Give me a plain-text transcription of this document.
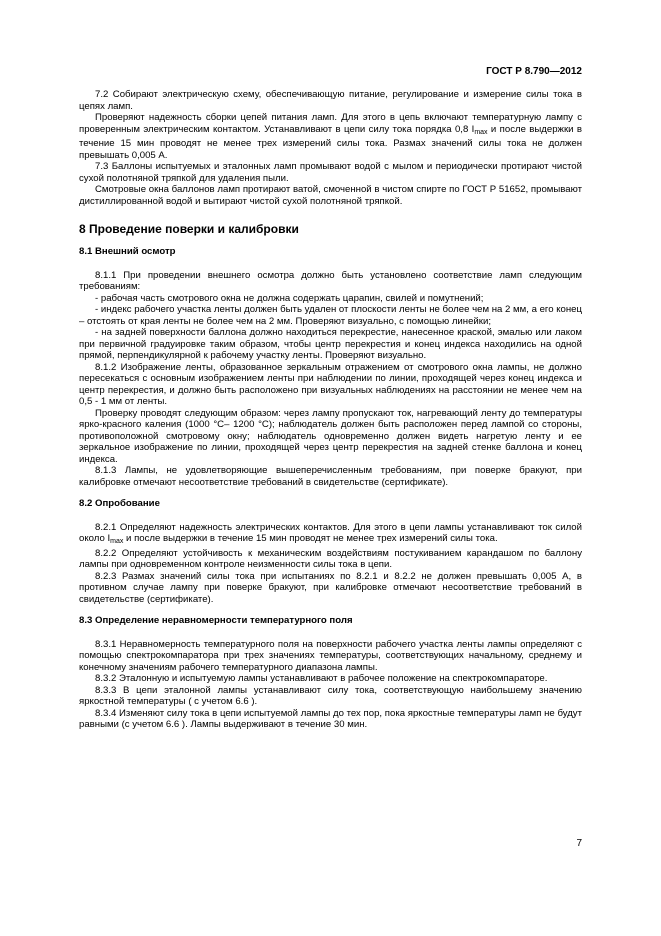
ГОСТ Р 8.790—2012

7.2 Собирают электрическую схему, обеспечивающую питание, регулирование и измерение силы тока в цепях ламп.

Проверяют надежность сборки цепей питания ламп. Для этого в цепь включают температурную лампу с проверенным электрическим контактом. Устанавливают в цепи силу тока порядка 0,8 $I_{max}$ и после выдержки в течение 15 мин проводят не менее трех измерений силы тока. Размах значений силы тока не должен превышать 0,005 А.

7.3 Баллоны испытуемых и эталонных ламп промывают водой с мылом и периодически протирают чистой сухой полотняной тряпкой для удаления пыли.

Смотровые окна баллонов ламп протирают ватой, смоченной в чистом спирте по ГОСТ Р 51652, промывают дистиллированной водой и вытирают чистой сухой полотняной тряпкой.

8 Проведение поверки и калибровки
8.1 Внешний осмотр

8.1.1 При проведении внешнего осмотра должно быть установлено соответствие ламп следующим требованиям:

- рабочая часть смотрового окна не должна содержать царапин, свилей и помутнений;

- индекс рабочего участка ленты должен быть удален от плоскости ленты не более чем на 2 мм, а его конец – отстоять от края ленты не более чем на 2 мм. Проверяют визуально, с помощью линейки;

- на задней поверхности баллона должно находиться перекрестие, нанесенное краской, эмалью или лаком при первичной градуировке таким образом, чтобы центр перекрестия и конец индекса находились на одной прямой, перпендикулярной к рабочему участку ленты. Проверяют визуально.

8.1.2 Изображение ленты, образованное зеркальным отражением от смотрового окна лампы, не должно пересекаться с основным изображением ленты при наблюдении по линии, проходящей через конец индекса и центр перекрестия, и должно быть расположено при визуальных наблюдениях на расстоянии не менее чем на 0,5 - 1 мм от ленты.

Проверку проводят следующим образом: через лампу пропускают ток, нагревающий ленту до температуры ярко-красного каления (1000 °С– 1200 °С); наблюдатель должен быть расположен перед лампой со стороны, противоположной смотровому окну; наблюдатель одновременно должен видеть нагретую ленту и ее зеркальное изображение по линии, проходящей через центр перекрестия на задней стенке баллона и конец индекса.

8.1.3 Лампы, не удовлетворяющие вышеперечисленным требованиям, при поверке бракуют, при калибровке отмечают несоответствие требований в свидетельстве (сертификате).

8.2 Опробование

8.2.1 Определяют надежность электрических контактов. Для этого в цепи лампы устанавливают ток силой около $I_{max}$ и после выдержки в течение 15 мин проводят не менее трех измерений силы тока.

8.2.2 Определяют устойчивость к механическим воздействиям постукиванием карандашом по баллону лампы при одновременном контроле неизменности силы тока в цепи.

8.2.3 Размах значений силы тока при испытаниях по 8.2.1 и 8.2.2 не должен превышать 0,005 А, в противном случае лампу при поверке бракуют, при калибровке отмечают несоответствие требований в свидетельстве (сертификате).

8.3 Определение неравномерности температурного поля

8.3.1 Неравномерность температурного поля на поверхности рабочего участка ленты лампы определяют с помощью спектрокомпаратора при трех значениях температуры, соответствующих начальному, среднему и конечному значениям рабочего температурного диапазона лампы.

8.3.2 Эталонную и испытуемую лампы устанавливают в рабочее положение на спектрокомпараторе.

8.3.3 В цепи эталонной лампы устанавливают силу тока, соответствующую наибольшему значению яркостной температуры ( с учетом 6.6 ).

8.3.4 Изменяют силу тока в цепи испытуемой лампы до тех пор, пока яркостные температуры ламп не будут равными (с учетом 6.6 ). Лампы выдерживают в течение 30 мин.

7
